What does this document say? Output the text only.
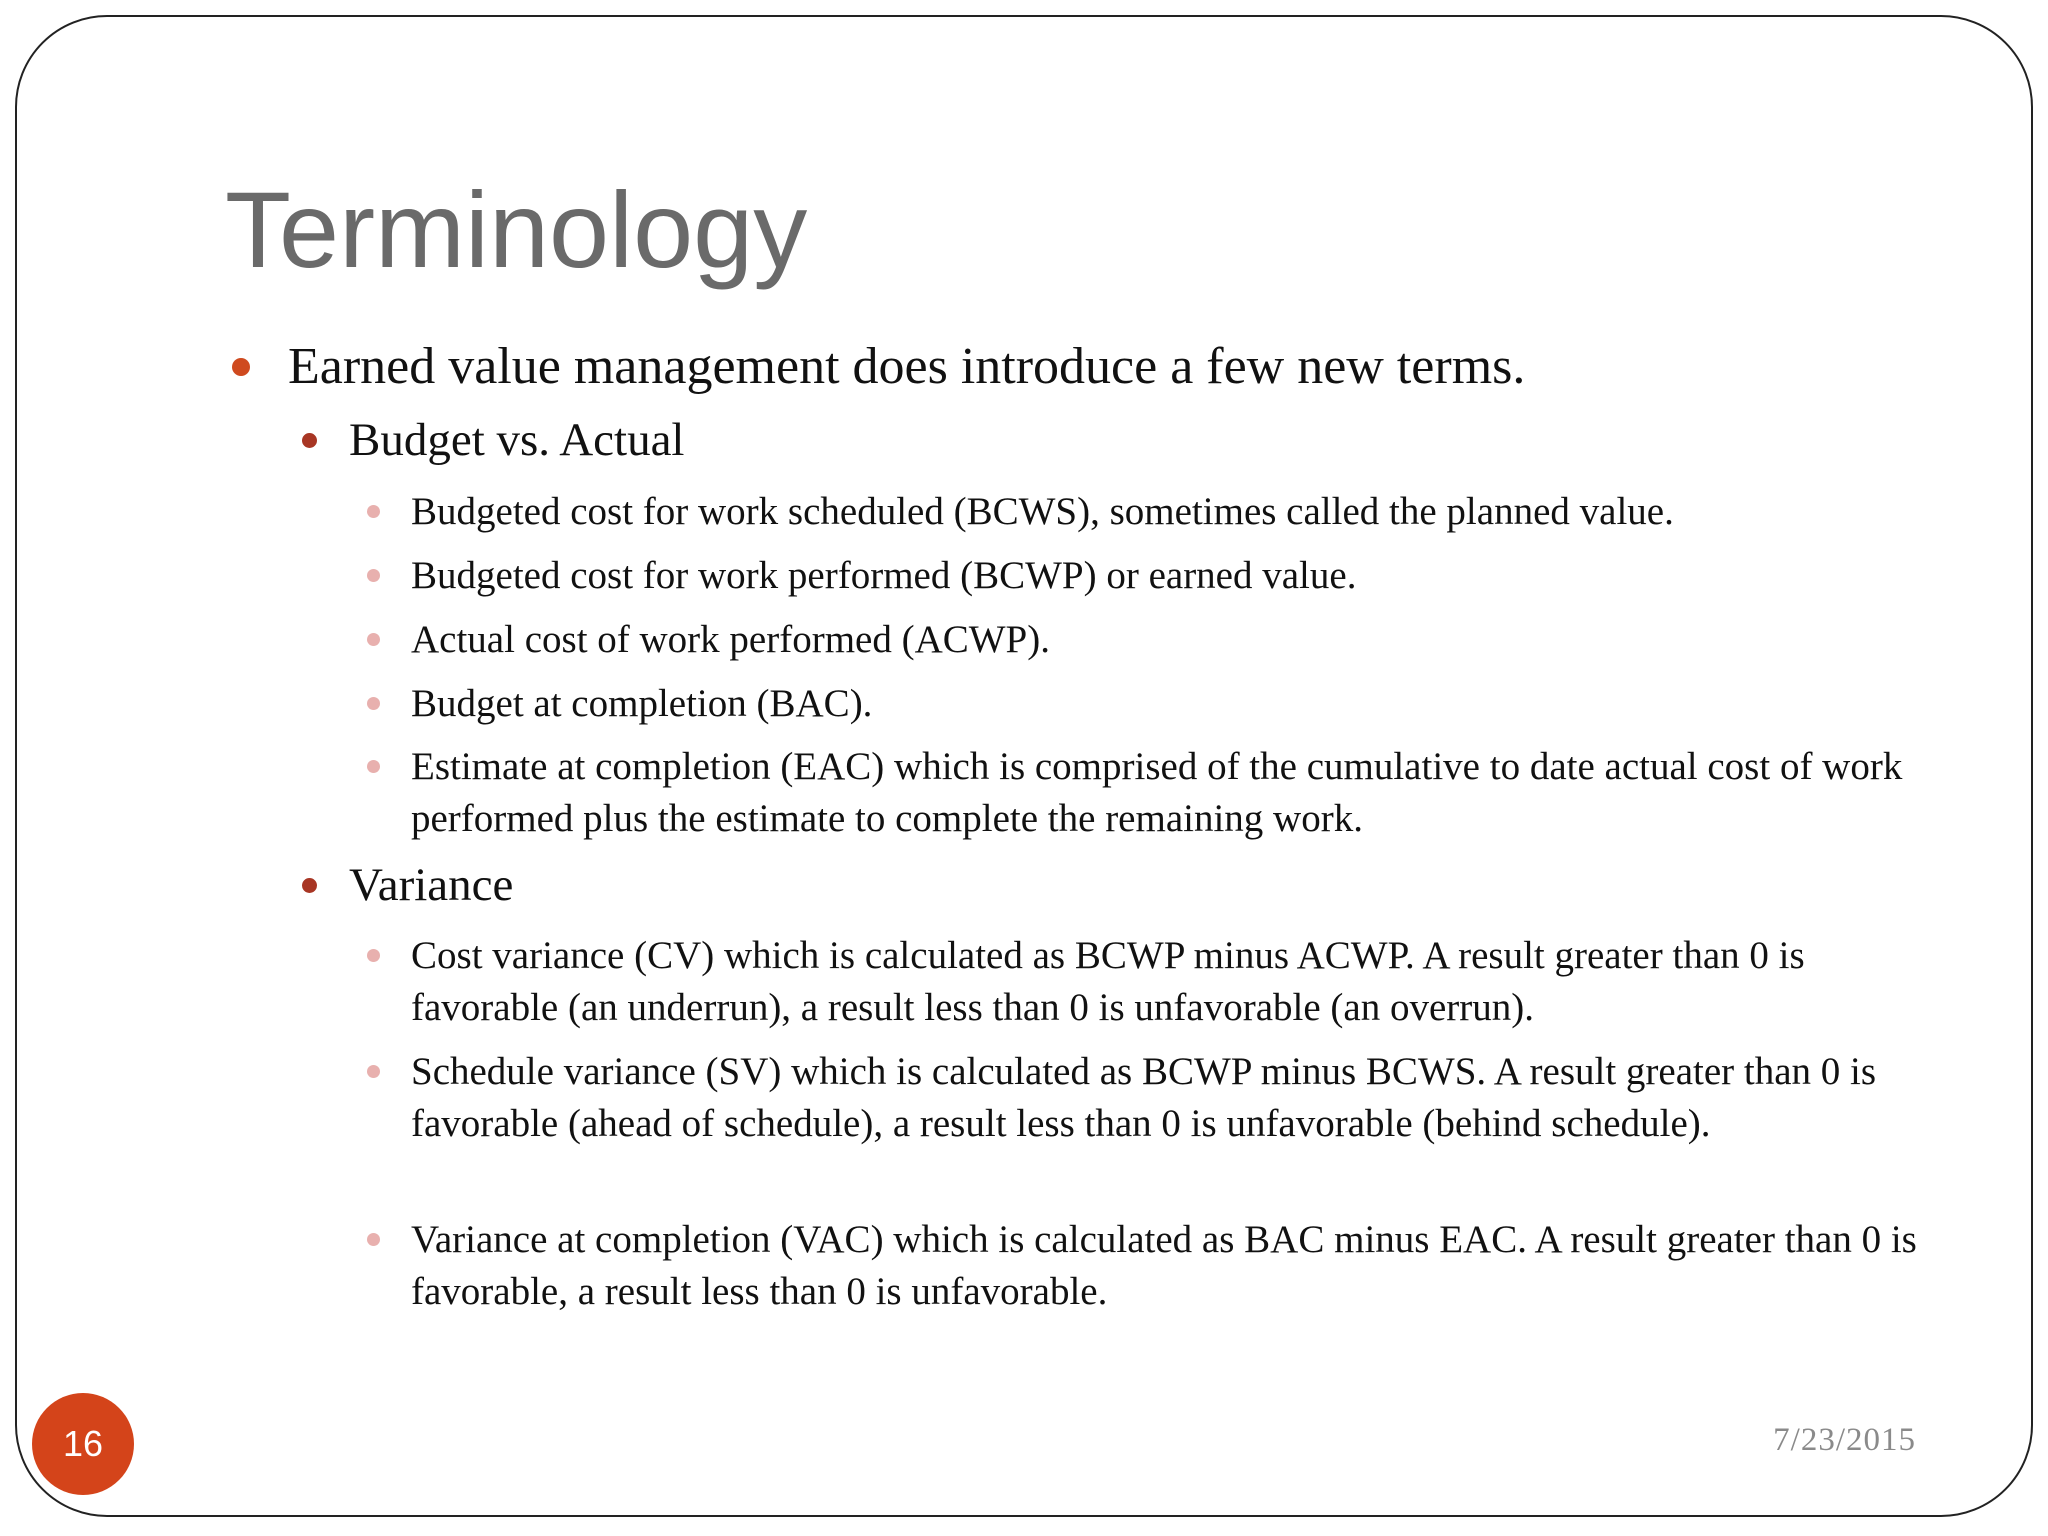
Terminology
Earned value management does introduce a few new terms.
Budget vs. Actual
Budgeted cost for work scheduled (BCWS), sometimes called the planned value.
Budgeted cost for work performed (BCWP) or earned value.
Actual cost of work performed (ACWP).
Budget at completion (BAC).
Estimate at completion (EAC) which is comprised of the cumulative to date actual cost of work performed plus the estimate to complete the remaining work.
Variance
Cost variance (CV) which is calculated as BCWP minus ACWP. A result greater than 0 is favorable (an underrun), a result less than 0 is unfavorable (an overrun).
Schedule variance (SV) which is calculated as BCWP minus BCWS. A result greater than 0 is favorable (ahead of schedule), a result less than 0 is unfavorable (behind schedule).
Variance at completion (VAC) which is calculated as BAC minus EAC. A result greater than 0 is favorable, a result less than 0 is unfavorable.
16	7/23/2015
